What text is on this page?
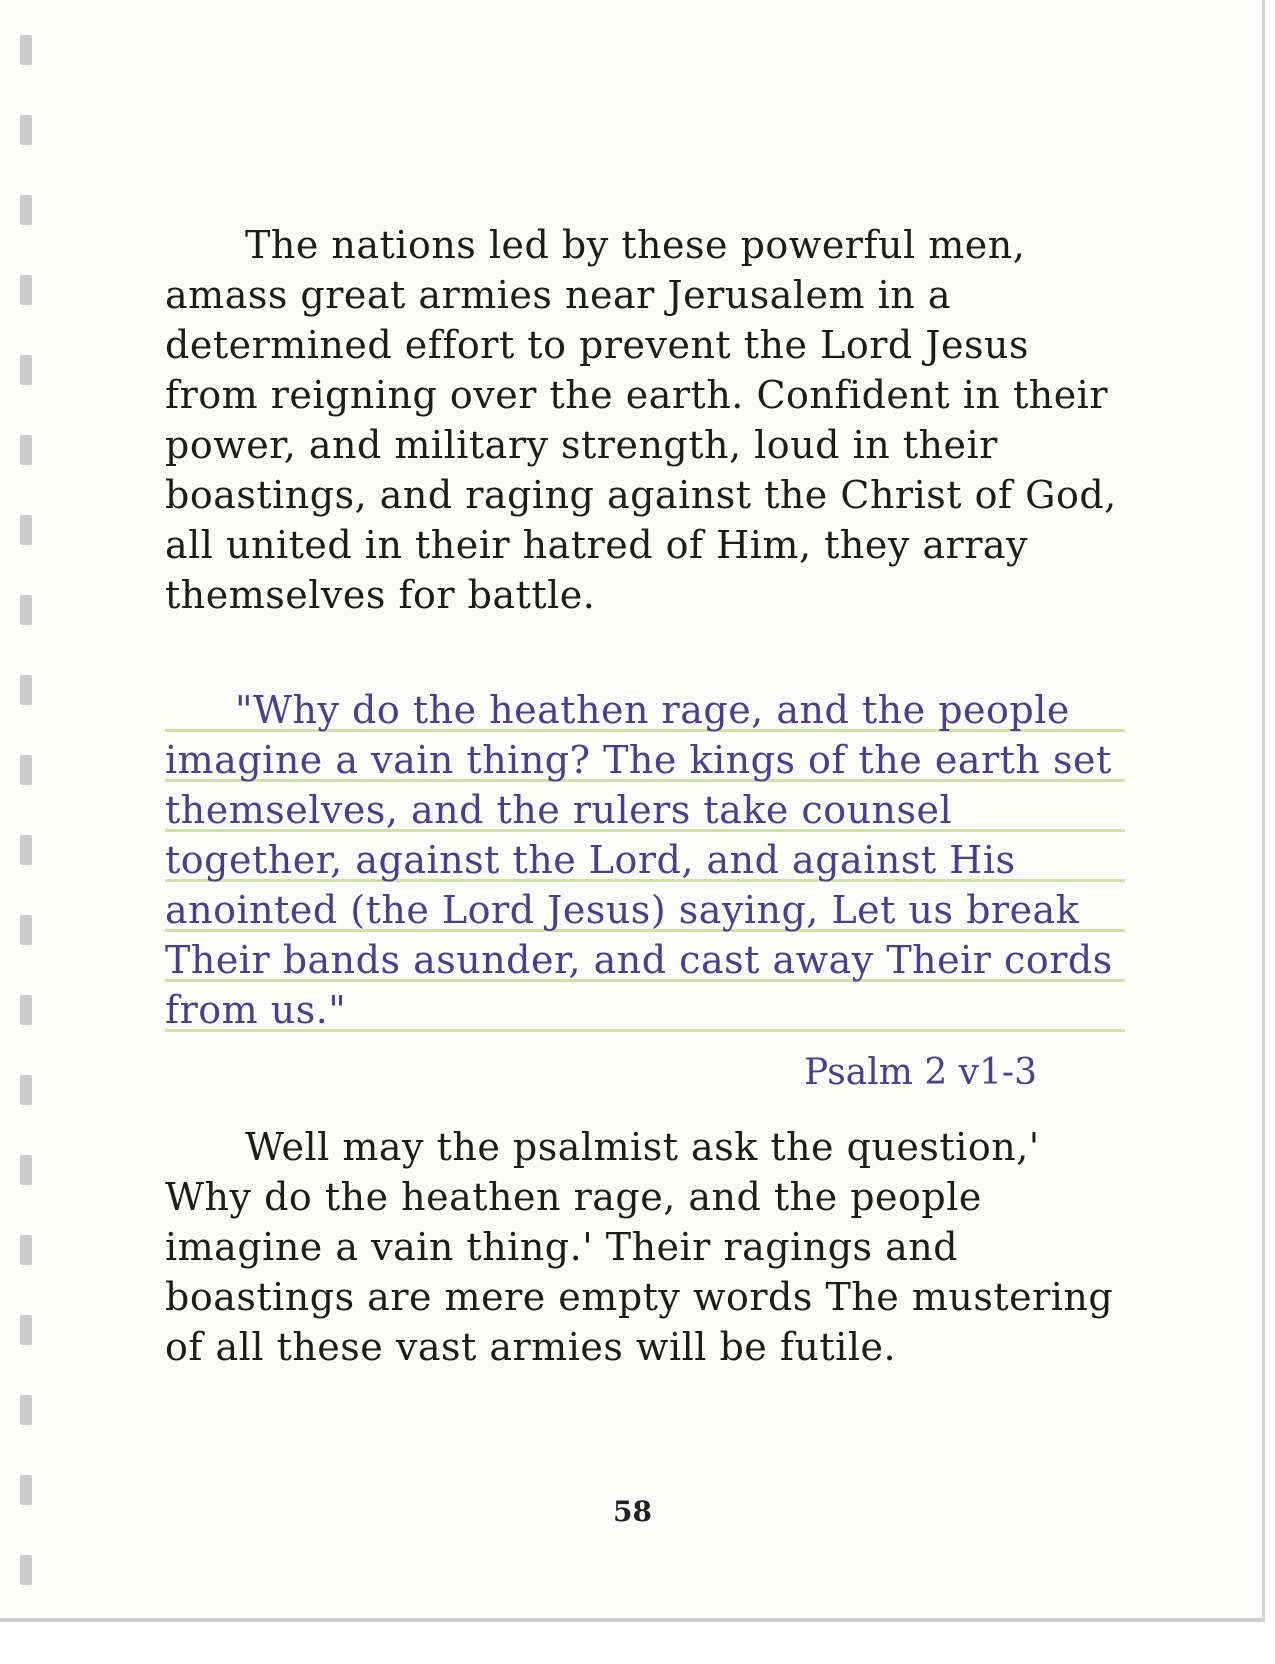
The nations led by these powerful men, amass great armies near Jerusalem in a determined effort to prevent the Lord Jesus from reigning over the earth. Confident in their power, and military strength, loud in their boastings, and raging against the Christ of God, all united in their hatred of Him, they array themselves for battle.

"Why do the heathen rage, and the people imagine a vain thing? The kings of the earth set themselves, and the rulers take counsel together, against the Lord, and against His anointed (the Lord Jesus) saying, Let us break Their bands asunder, and cast away Their cords from us."

Psalm 2 v1-3

Well may the psalmist ask the question,' Why do the heathen rage, and the people imagine a vain thing.' Their ragings and boastings are mere empty words The mustering of all these vast armies will be futile.

58
